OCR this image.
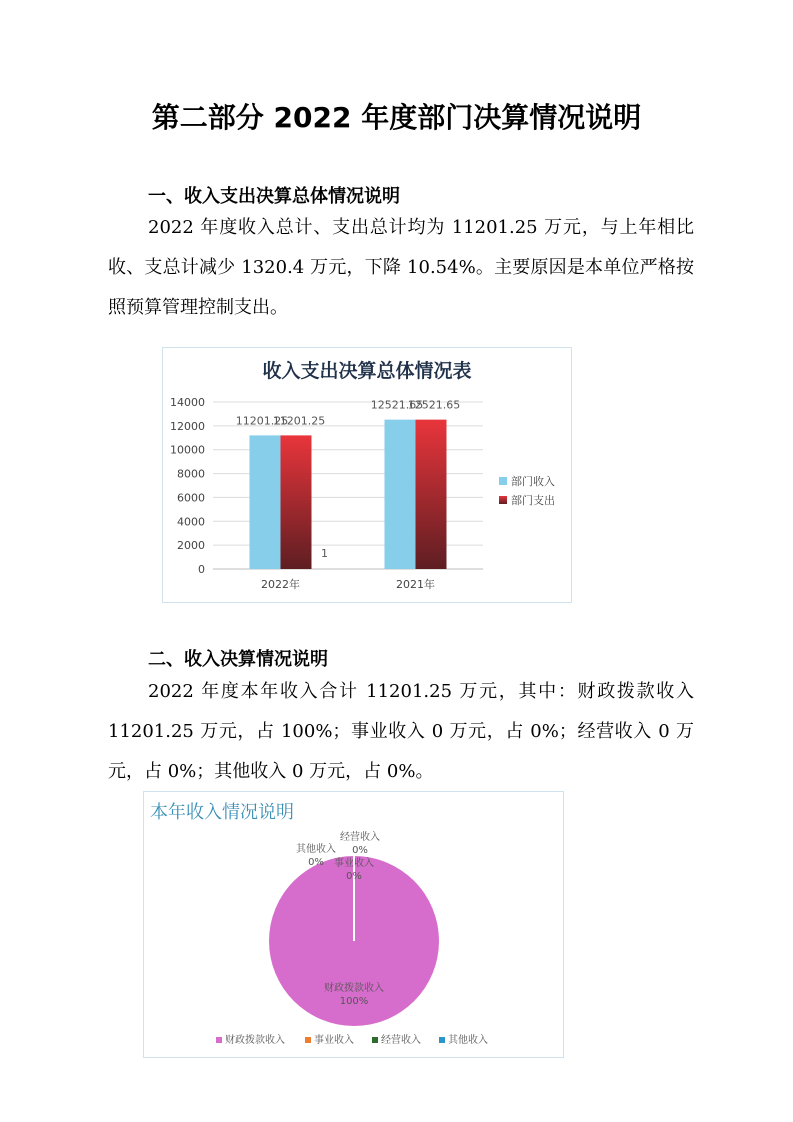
第二部分 2022 年度部门决算情况说明
一、收入支出决算总体情况说明
2022 年度收入总计、支出总计均为 11201.25 万元，与上年相比收、支总计减少 1320.4 万元，下降 10.54%。主要原因是本单位严格按照预算管理控制支出。
收入支出决算总体情况表
0
2000
4000
6000
8000
10000
12000
14000
2022年
11201.25
11201.25
2021年
12521.65
12521.65
1
部门收入
部门支出
二、收入决算情况说明
2022 年度本年收入合计 11201.25 万元，其中：财政拨款收入 11201.25 万元，占 100%；事业收入 0 万元，占 0%；经营收入 0 万元，占 0%；其他收入 0 万元，占 0%。
本年收入情况说明
财政拨款收入
100%
事业收入
0%
经营收入
0%
其他收入
0%
财政拨款收入	事业收入	经营收入	其他收入
